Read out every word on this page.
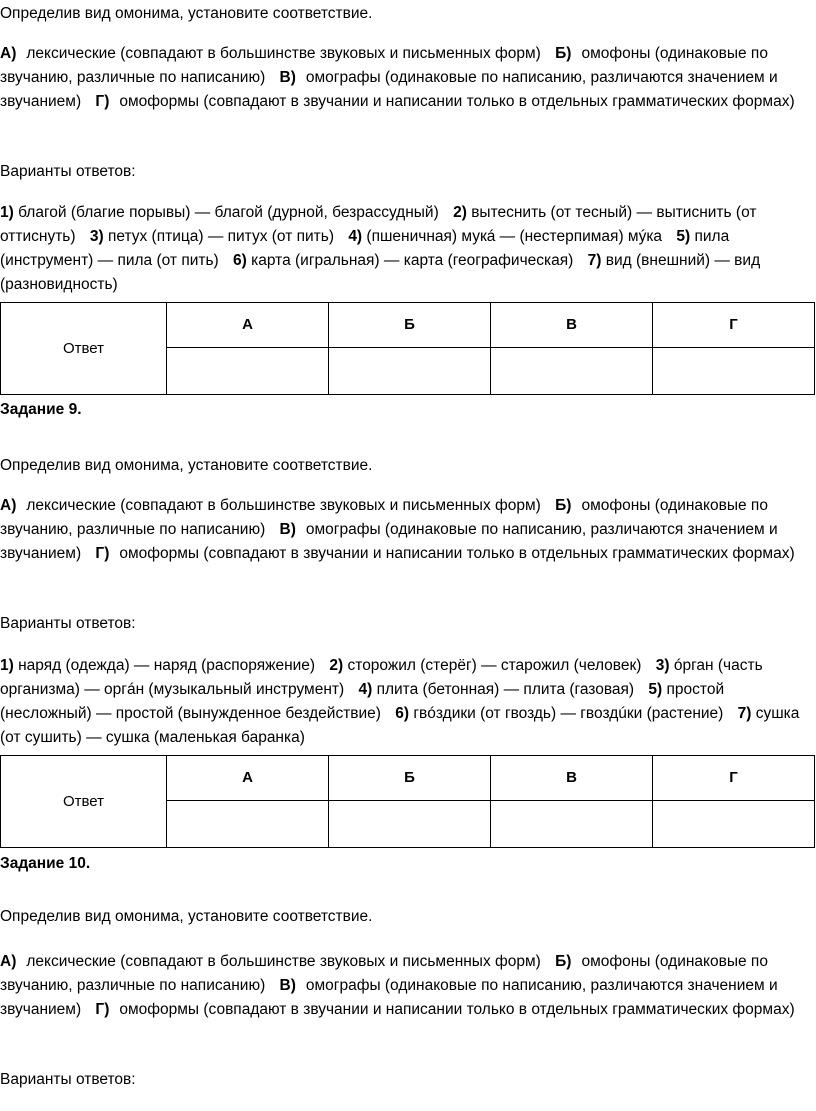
Определив вид омонима, установите соответствие.

А) лексические (совпадают в большинстве звуковых и письменных форм) Б) омофоны (одинаковые по звучанию, различные по написанию) В) омографы (одинаковые по написанию, различаются значением и звучанием) Г) омоформы (совпадают в звучании и написании только в отдельных грамматических формах)

Варианты ответов:

1) благой (благие порывы) — благой (дурной, безрассудный) 2) вытеснить (от тесный) — вытиснить (от оттиснуть) 3) петух (птица) — питух (от пить) 4) (пшеничная) мукá — (нестерпимая) мýка 5) пила (инструмент) — пила (от пить) 6) карта (игральная) — карта (географическая) 7) вид (внешний) — вид (разновидность)

Ответ	А	Б	В	Г

Задание 9.

Определив вид омонима, установите соответствие.

А) лексические (совпадают в большинстве звуковых и письменных форм) Б) омофоны (одинаковые по звучанию, различные по написанию) В) омографы (одинаковые по написанию, различаются значением и звучанием) Г) омоформы (совпадают в звучании и написании только в отдельных грамматических формах)

Варианты ответов:

1) наряд (одежда) — наряд (распоряжение) 2) сторожил (стерёг) — старожил (человек) 3) óрган (часть организма) — оргáн (музыкальный инструмент) 4) плита (бетонная) — плита (газовая) 5) простой (несложный) — простой (вынужденное бездействие) 6) гвóздики (от гвоздь) — гвоздúки (растение) 7) сушка (от сушить) — сушка (маленькая баранка)

Ответ	А	Б	В	Г

Задание 10.

Определив вид омонима, установите соответствие.

А) лексические (совпадают в большинстве звуковых и письменных форм) Б) омофоны (одинаковые по звучанию, различные по написанию) В) омографы (одинаковые по написанию, различаются значением и звучанием) Г) омоформы (совпадают в звучании и написании только в отдельных грамматических формах)

Варианты ответов:
